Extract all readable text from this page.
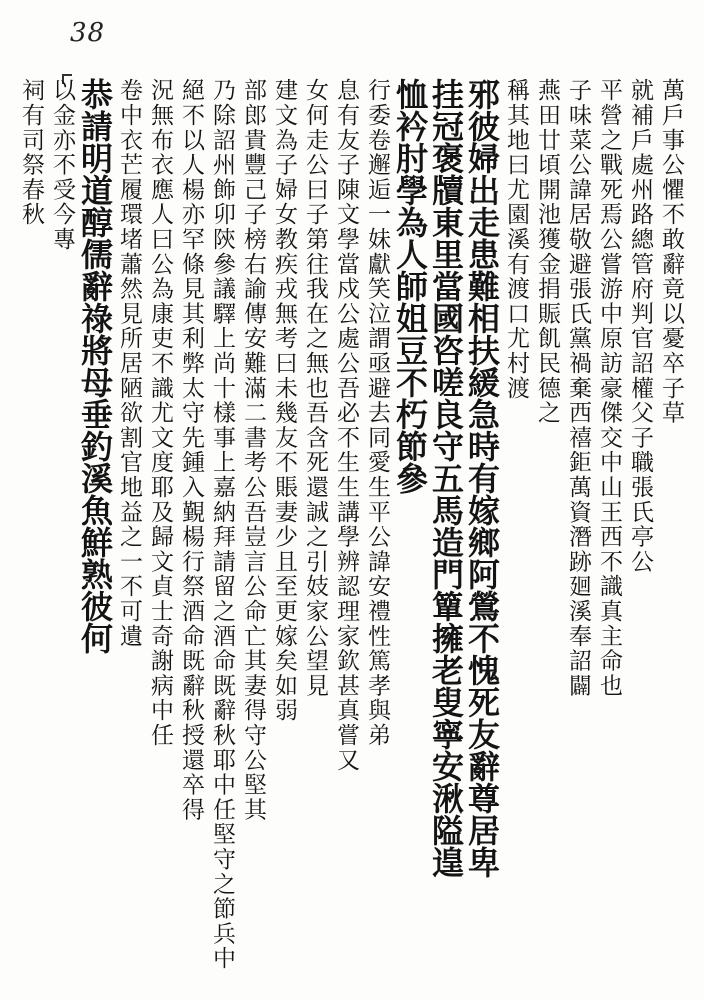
38
萬戶事公懼不敢辭竟以憂卒子草
就補戶處州路總管府判官詔權父子職張氏亭公
平營之戰死焉公嘗游中原訪豪傑交中山王西不識真主命也
子味菜公諱居敬避張氏黨禍棄西禧鉅萬資潛跡廻溪奉詔闢
燕田廿頃開池獲金捐賑飢民德之
稱其地曰尤園溪有渡口尤村渡
邪彼婦出走患難相扶緩急時有嫁鄉阿鶯不愧死友辭尊居卑
挂冠褒牘東里當國咨嗟良守五馬造門簞擁老叟寧安湫隘遑
恤衿肘學為人師姐豆不朽節參
行委卷邂逅一妹獻笑泣謂亟避去同愛生平公諱安禮性篤孝與弟
息有友子陳文學當戍公處公吾必不生生講學辨認理家欽甚真嘗又
女何走公曰子第往我在之無也吾含死還誠之引妓家公望見
建文為子婦女教疾戎無考曰未幾友不賬妻少且至更嫁矣如弱
部郎貴豐己子榜右諭傳安難滿二書考公吾豈言公命亡其妻得守公堅其
乃除詔州飾卯陝參議驛上尚十樣事上嘉納拜請留之酒命既辭秋耶中任堅守之節兵中
絕不以人楊亦罕條見其利弊太守先鍾入覲楊行祭酒命既辭秋授還卒得
況無布衣應人曰公為康吏不識尤文度耶及歸文貞士奇謝病中任
卷中衣芒履環堵蕭然見所居陋欲割官地益之一不可遺
恭請明道醇儒辭祿將母垂釣溪魚鮮熟彼何
以金亦不受今專
祠有司祭春秋
